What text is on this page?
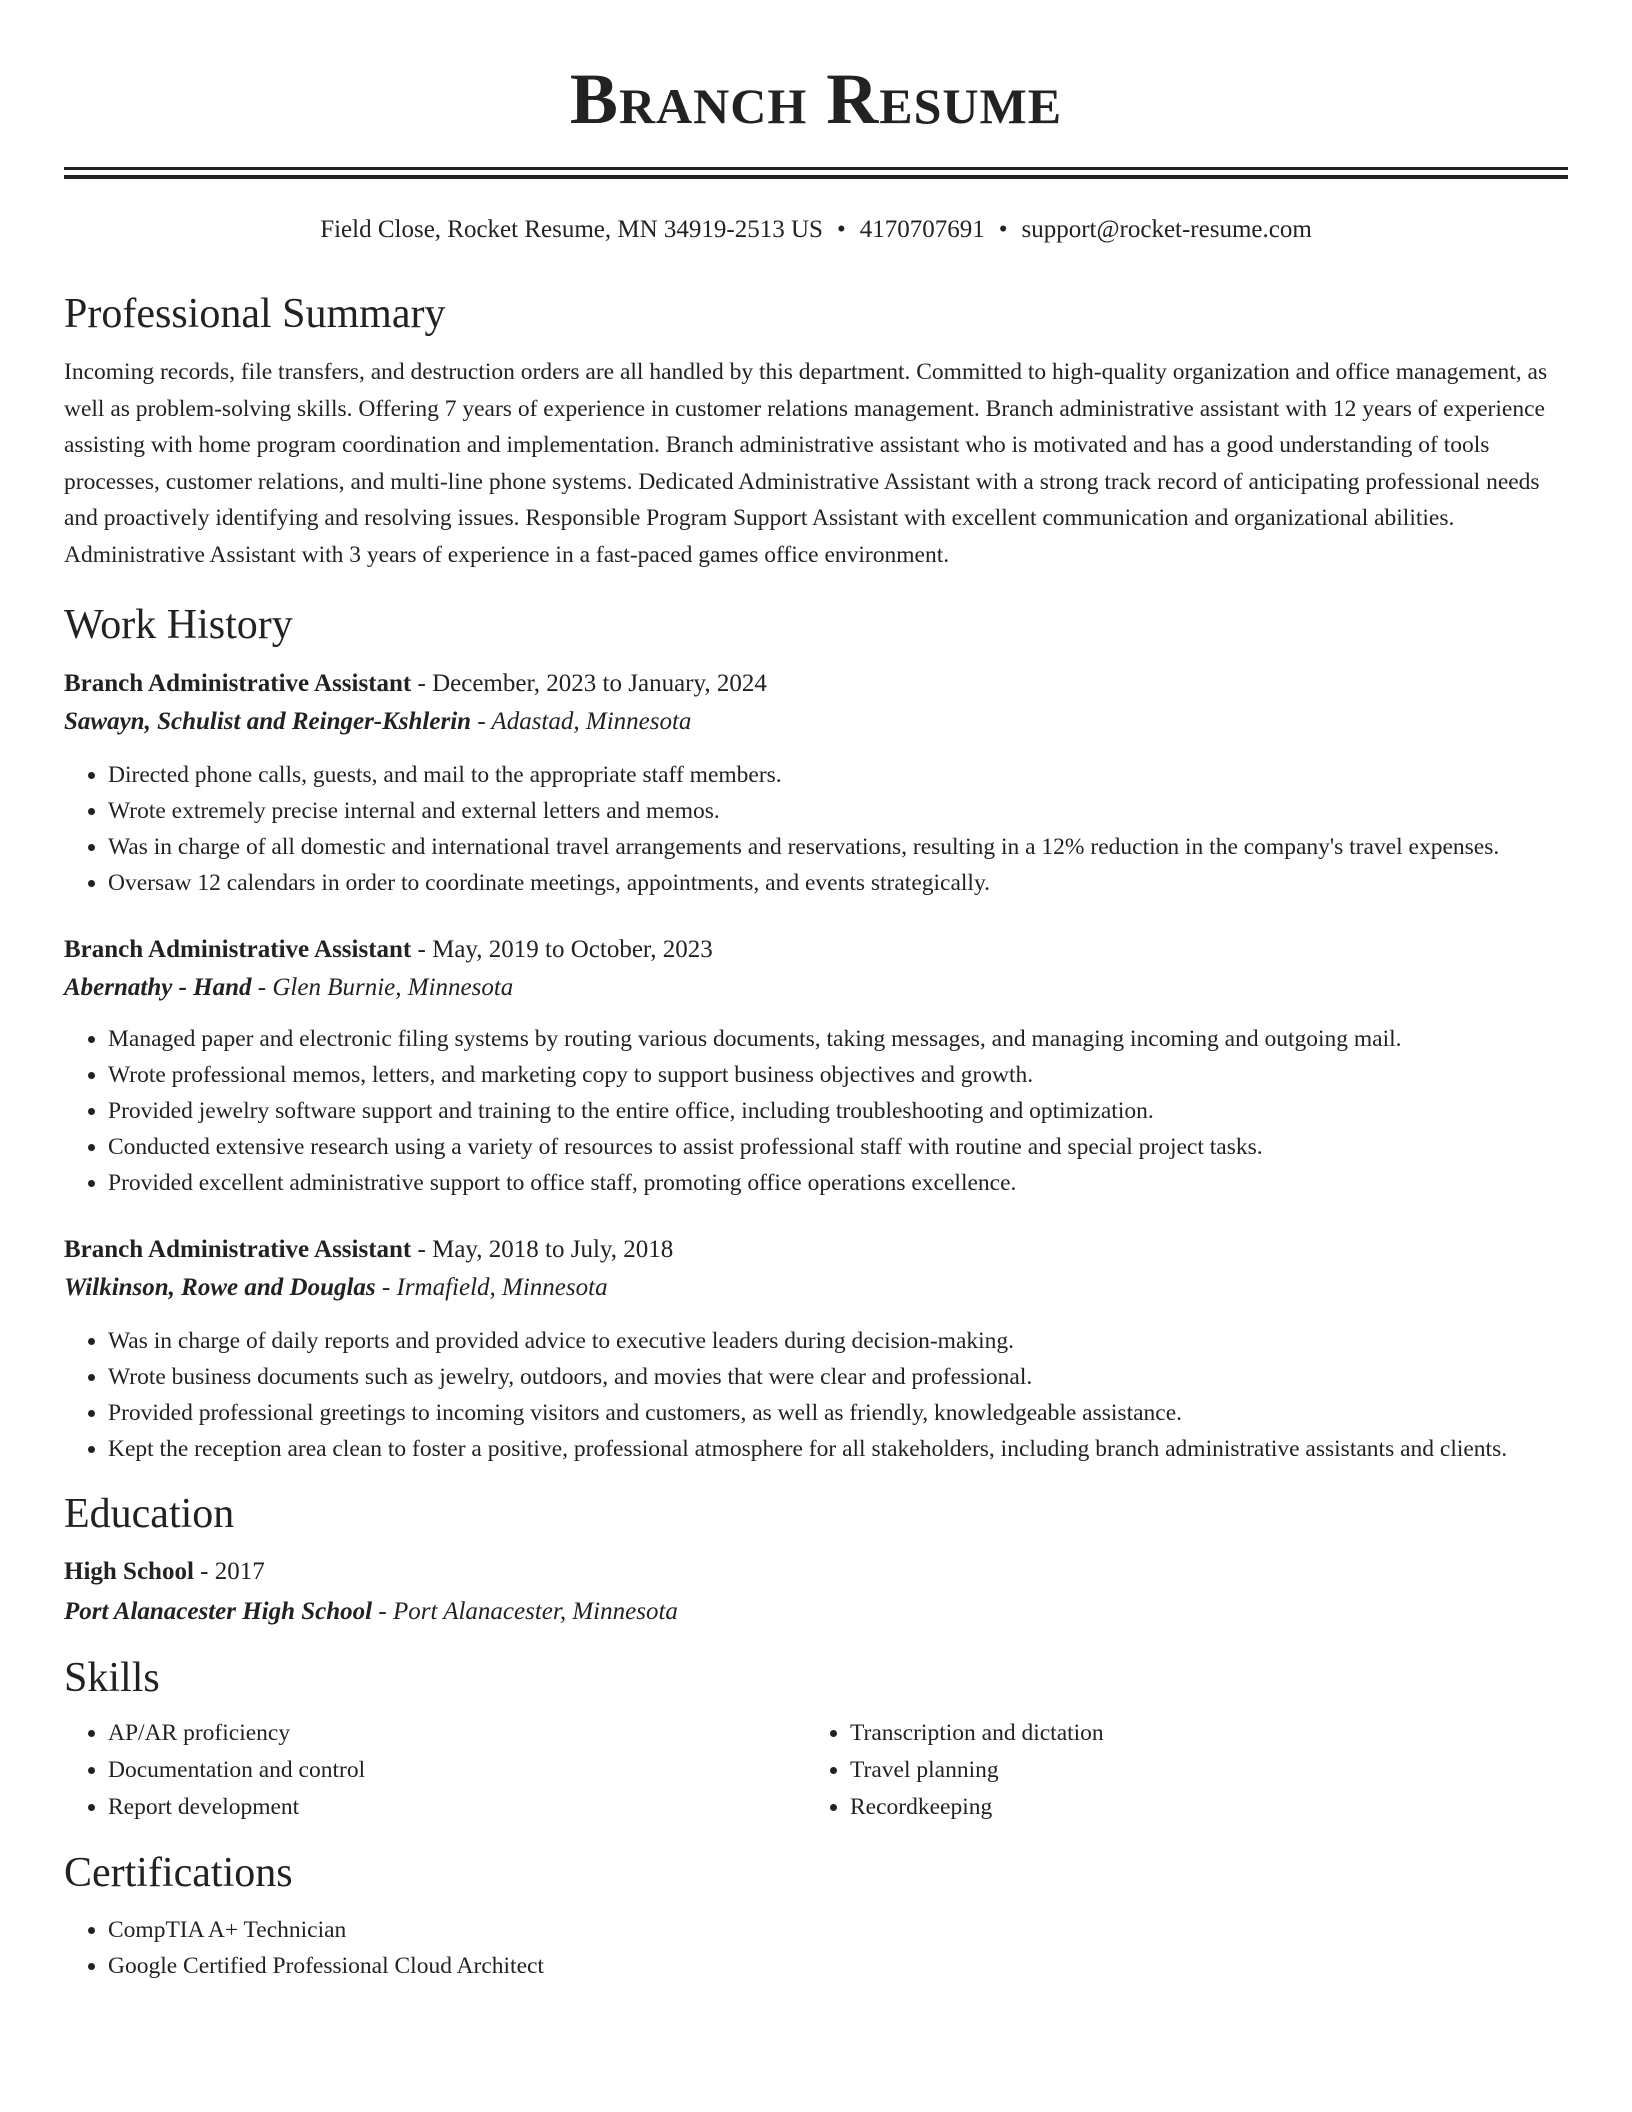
Branch Resume
Field Close, Rocket Resume, MN 34919-2513 US • 4170707691 • support@rocket-resume.com
Professional Summary
Incoming records, file transfers, and destruction orders are all handled by this department. Committed to high-quality organization and office management, as well as problem-solving skills. Offering 7 years of experience in customer relations management. Branch administrative assistant with 12 years of experience assisting with home program coordination and implementation. Branch administrative assistant who is motivated and has a good understanding of tools processes, customer relations, and multi-line phone systems. Dedicated Administrative Assistant with a strong track record of anticipating professional needs and proactively identifying and resolving issues. Responsible Program Support Assistant with excellent communication and organizational abilities. Administrative Assistant with 3 years of experience in a fast-paced games office environment.
Work History
Branch Administrative Assistant - December, 2023 to January, 2024
Sawayn, Schulist and Reinger-Kshlerin - Adastad, Minnesota
• Directed phone calls, guests, and mail to the appropriate staff members.
• Wrote extremely precise internal and external letters and memos.
• Was in charge of all domestic and international travel arrangements and reservations, resulting in a 12% reduction in the company's travel expenses.
• Oversaw 12 calendars in order to coordinate meetings, appointments, and events strategically.
Branch Administrative Assistant - May, 2019 to October, 2023
Abernathy - Hand - Glen Burnie, Minnesota
• Managed paper and electronic filing systems by routing various documents, taking messages, and managing incoming and outgoing mail.
• Wrote professional memos, letters, and marketing copy to support business objectives and growth.
• Provided jewelry software support and training to the entire office, including troubleshooting and optimization.
• Conducted extensive research using a variety of resources to assist professional staff with routine and special project tasks.
• Provided excellent administrative support to office staff, promoting office operations excellence.
Branch Administrative Assistant - May, 2018 to July, 2018
Wilkinson, Rowe and Douglas - Irmafield, Minnesota
• Was in charge of daily reports and provided advice to executive leaders during decision-making.
• Wrote business documents such as jewelry, outdoors, and movies that were clear and professional.
• Provided professional greetings to incoming visitors and customers, as well as friendly, knowledgeable assistance.
• Kept the reception area clean to foster a positive, professional atmosphere for all stakeholders, including branch administrative assistants and clients.
Education
High School - 2017
Port Alanacester High School - Port Alanacester, Minnesota
Skills
• AP/AR proficiency
• Documentation and control
• Report development
• Transcription and dictation
• Travel planning
• Recordkeeping
Certifications
• CompTIA A+ Technician
• Google Certified Professional Cloud Architect
